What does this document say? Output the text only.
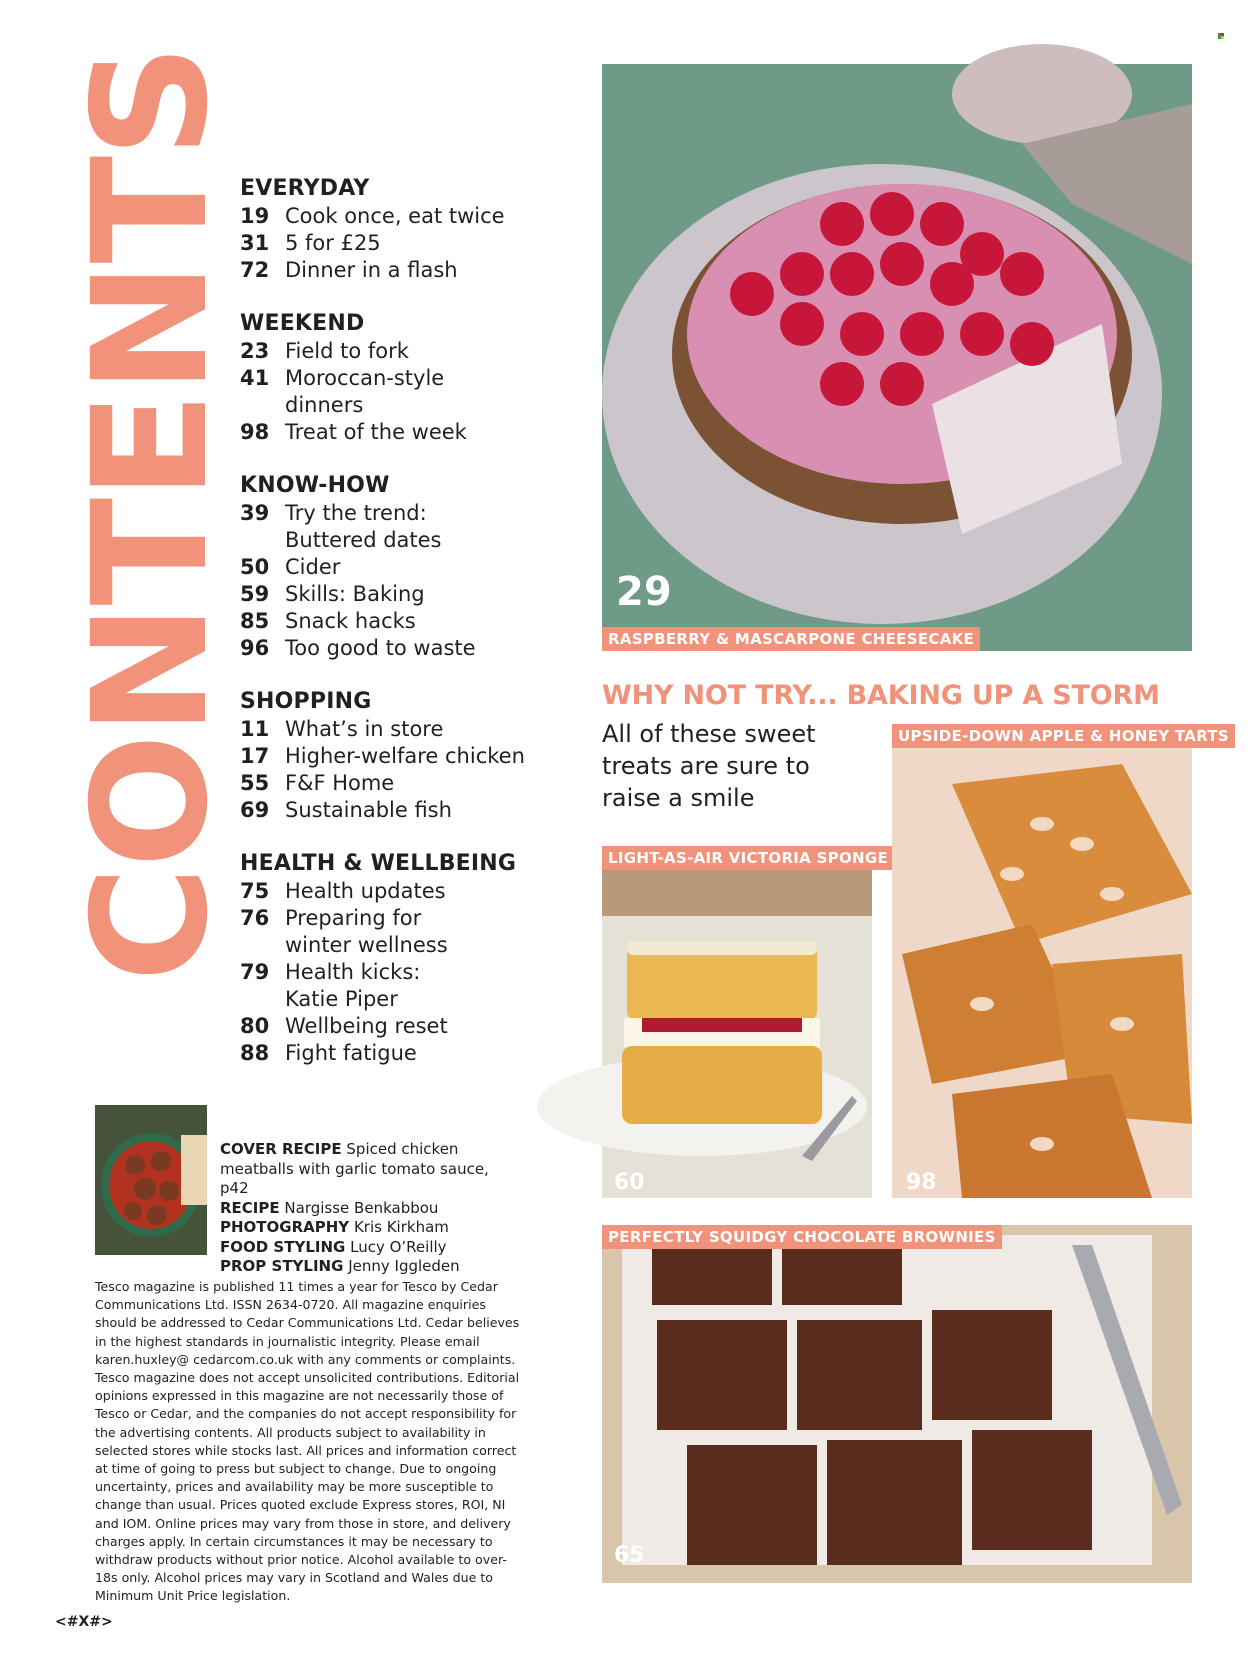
CONTENTS
EVERYDAY
19 Cook once, eat twice
31 5 for £25
72 Dinner in a flash
WEEKEND
23 Field to fork
41 Moroccan-style dinners
98 Treat of the week
KNOW-HOW
39 Try the trend: Buttered dates
50 Cider
59 Skills: Baking
85 Snack hacks
96 Too good to waste
SHOPPING
11 What’s in store
17 Higher-welfare chicken
55 F&F Home
69 Sustainable fish
HEALTH & WELLBEING
75 Health updates
76 Preparing for winter wellness
79 Health kicks: Katie Piper
80 Wellbeing reset
88 Fight fatigue
COVER RECIPE Spiced chicken meatballs with garlic tomato sauce, p42
RECIPE Nargisse Benkabbou
PHOTOGRAPHY Kris Kirkham
FOOD STYLING Lucy O’Reilly
PROP STYLING Jenny Iggleden
Tesco magazine is published 11 times a year for Tesco by Cedar Communications Ltd. ISSN 2634-0720. All magazine enquiries should be addressed to Cedar Communications Ltd. Cedar believes in the highest standards in journalistic integrity. Please email karen.huxley@ cedarcom.co.uk with any comments or complaints. Tesco magazine does not accept unsolicited contributions. Editorial opinions expressed in this magazine are not necessarily those of Tesco or Cedar, and the companies do not accept responsibility for the advertising contents. All products subject to availability in selected stores while stocks last. All prices and information correct at time of going to press but subject to change. Due to ongoing uncertainty, prices and availability may be more susceptible to change than usual. Prices quoted exclude Express stores, ROI, NI and IOM. Online prices may vary from those in store, and delivery charges apply. In certain circumstances it may be necessary to withdraw products without prior notice. Alcohol available to over-18s only. Alcohol prices may vary in Scotland and Wales due to Minimum Unit Price legislation.
<#X#>
29
RASPBERRY & MASCARPONE CHEESECAKE
WHY NOT TRY... BAKING UP A STORM
All of these sweet treats are sure to raise a smile
60
LIGHT-AS-AIR VICTORIA SPONGE
98
UPSIDE-DOWN APPLE & HONEY TARTS
65
PERFECTLY SQUIDGY CHOCOLATE BROWNIES
